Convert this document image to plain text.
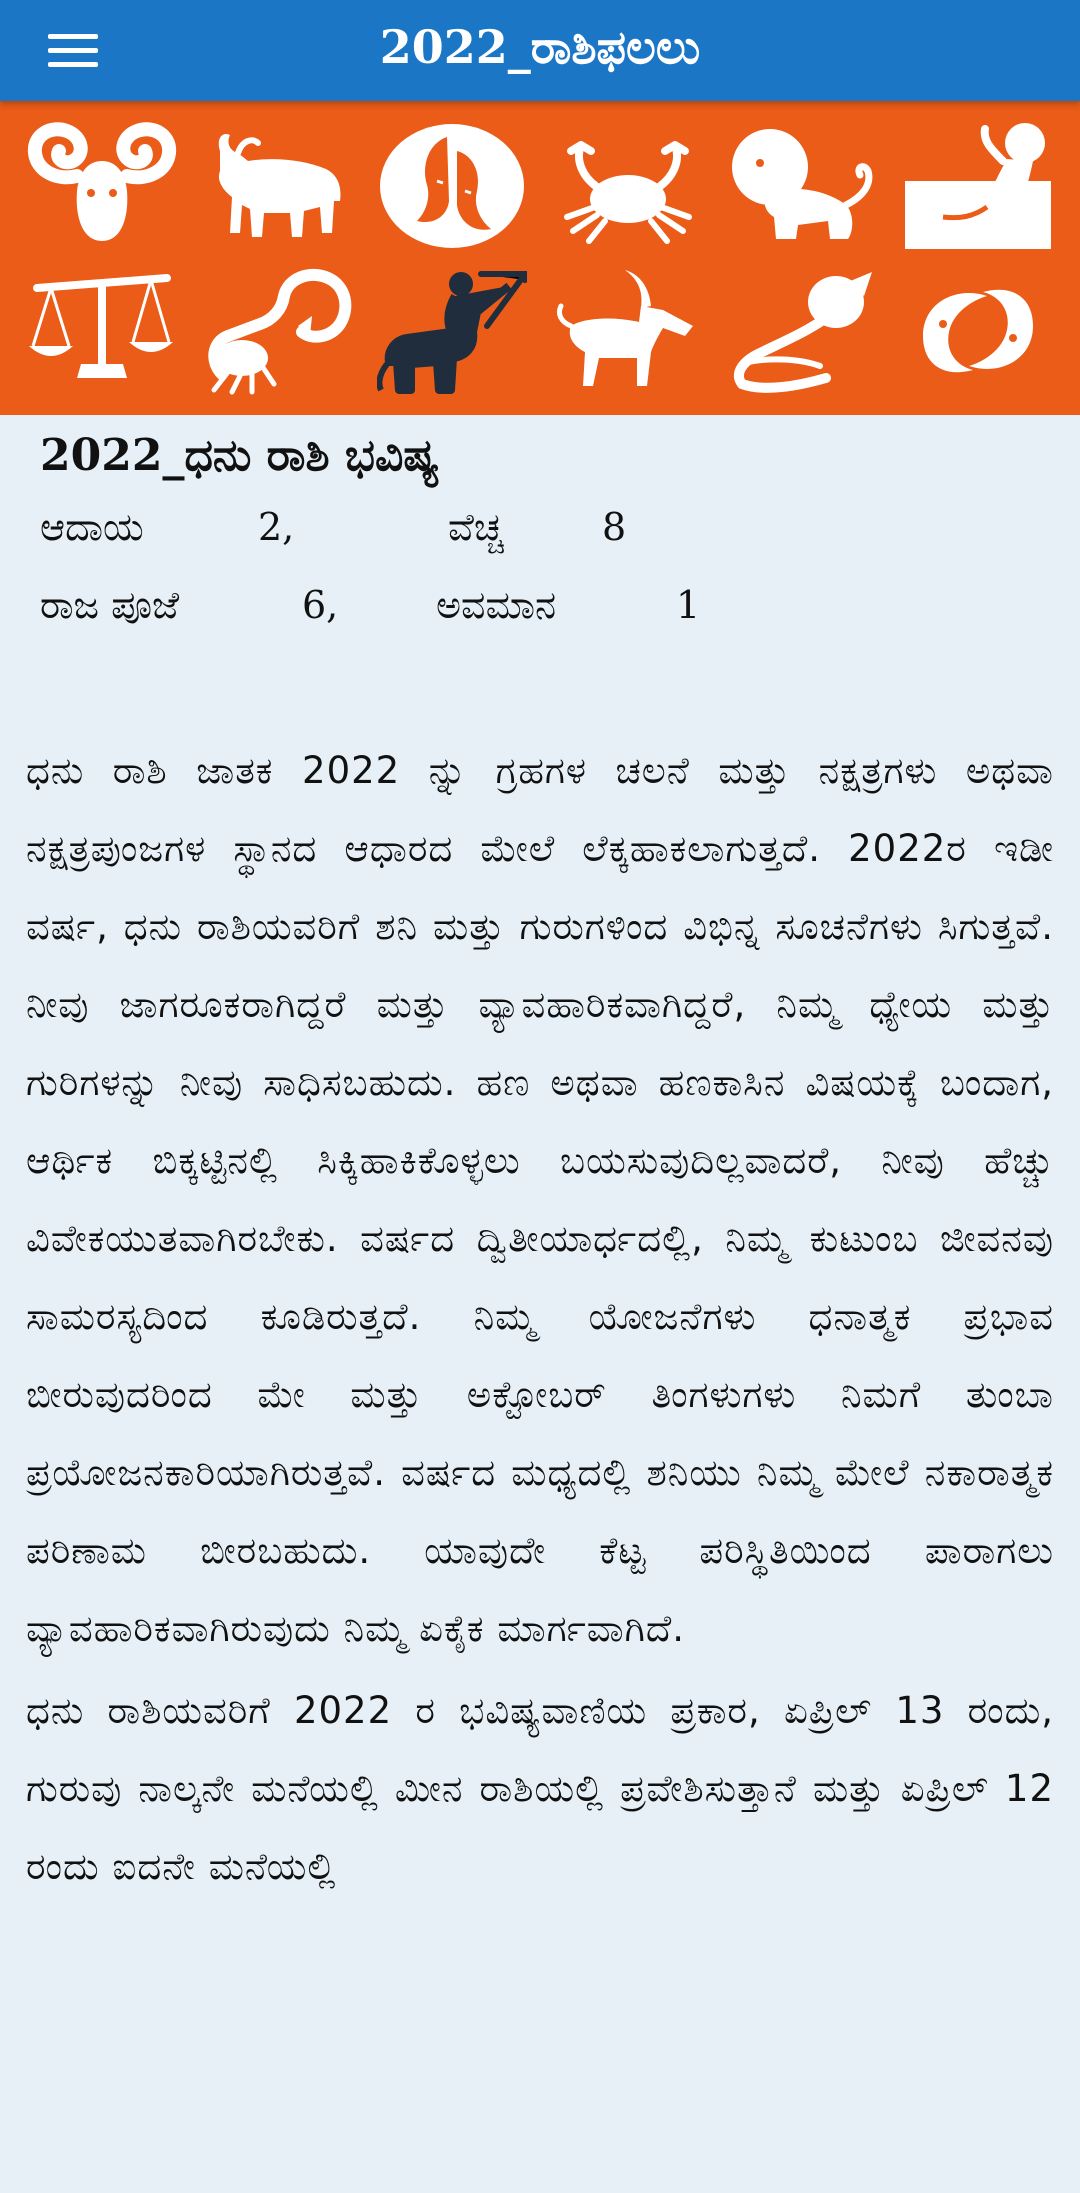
2022_ರಾಶಿಫಲಲು
2022_ಧನು ರಾಶಿ ಭವಿಷ್ಯ
ಆದಾಯ	2,	ವೆಚ್ಚ	8
ರಾಜ ಪೂಜೆ	6,	ಅವಮಾನ	1

ಧನು ರಾಶಿ ಜಾತಕ 2022 ನ್ನು ಗ್ರಹಗಳ ಚಲನೆ ಮತ್ತು ನಕ್ಷತ್ರಗಳು ಅಥವಾ ನಕ್ಷತ್ರಪುಂಜಗಳ ಸ್ಥಾನದ ಆಧಾರದ ಮೇಲೆ ಲೆಕ್ಕಹಾಕಲಾಗುತ್ತದೆ. 2022ರ ಇಡೀ ವರ್ಷ, ಧನು ರಾಶಿಯವರಿಗೆ ಶನಿ ಮತ್ತು ಗುರುಗಳಿಂದ ವಿಭಿನ್ನ ಸೂಚನೆಗಳು ಸಿಗುತ್ತವೆ. ನೀವು ಜಾಗರೂಕರಾಗಿದ್ದರೆ ಮತ್ತು ವ್ಯಾವಹಾರಿಕವಾಗಿದ್ದರೆ, ನಿಮ್ಮ ಧ್ಯೇಯ ಮತ್ತು ಗುರಿಗಳನ್ನು ನೀವು ಸಾಧಿಸಬಹುದು. ಹಣ ಅಥವಾ ಹಣಕಾಸಿನ ವಿಷಯಕ್ಕೆ ಬಂದಾಗ, ಆರ್ಥಿಕ ಬಿಕ್ಕಟ್ಟಿನಲ್ಲಿ ಸಿಕ್ಕಿಹಾಕಿಕೊಳ್ಳಲು ಬಯಸುವುದಿಲ್ಲವಾದರೆ, ನೀವು ಹೆಚ್ಚು ವಿವೇಕಯುತವಾಗಿರಬೇಕು. ವರ್ಷದ ದ್ವಿತೀಯಾರ್ಧದಲ್ಲಿ, ನಿಮ್ಮ ಕುಟುಂಬ ಜೀವನವು ಸಾಮರಸ್ಯದಿಂದ ಕೂಡಿರುತ್ತದೆ. ನಿಮ್ಮ ಯೋಜನೆಗಳು ಧನಾತ್ಮಕ ಪ್ರಭಾವ ಬೀರುವುದರಿಂದ ಮೇ ಮತ್ತು ಅಕ್ಟೋಬರ್ ತಿಂಗಳುಗಳು ನಿಮಗೆ ತುಂಬಾ ಪ್ರಯೋಜನಕಾರಿಯಾಗಿರುತ್ತವೆ. ವರ್ಷದ ಮಧ್ಯದಲ್ಲಿ ಶನಿಯು ನಿಮ್ಮ ಮೇಲೆ ನಕಾರಾತ್ಮಕ ಪರಿಣಾಮ ಬೀರಬಹುದು. ಯಾವುದೇ ಕೆಟ್ಟ ಪರಿಸ್ಥಿತಿಯಿಂದ ಪಾರಾಗಲು ವ್ಯಾವಹಾರಿಕವಾಗಿರುವುದು ನಿಮ್ಮ ಏಕೈಕ ಮಾರ್ಗವಾಗಿದೆ.

ಧನು ರಾಶಿಯವರಿಗೆ 2022 ರ ಭವಿಷ್ಯವಾಣಿಯ ಪ್ರಕಾರ, ಏಪ್ರಿಲ್ 13 ರಂದು, ಗುರುವು ನಾಲ್ಕನೇ ಮನೆಯಲ್ಲಿ ಮೀನ ರಾಶಿಯಲ್ಲಿ ಪ್ರವೇಶಿಸುತ್ತಾನೆ ಮತ್ತು ಏಪ್ರಿಲ್ 12 ರಂದು ಐದನೇ ಮನೆಯಲ್ಲಿ
